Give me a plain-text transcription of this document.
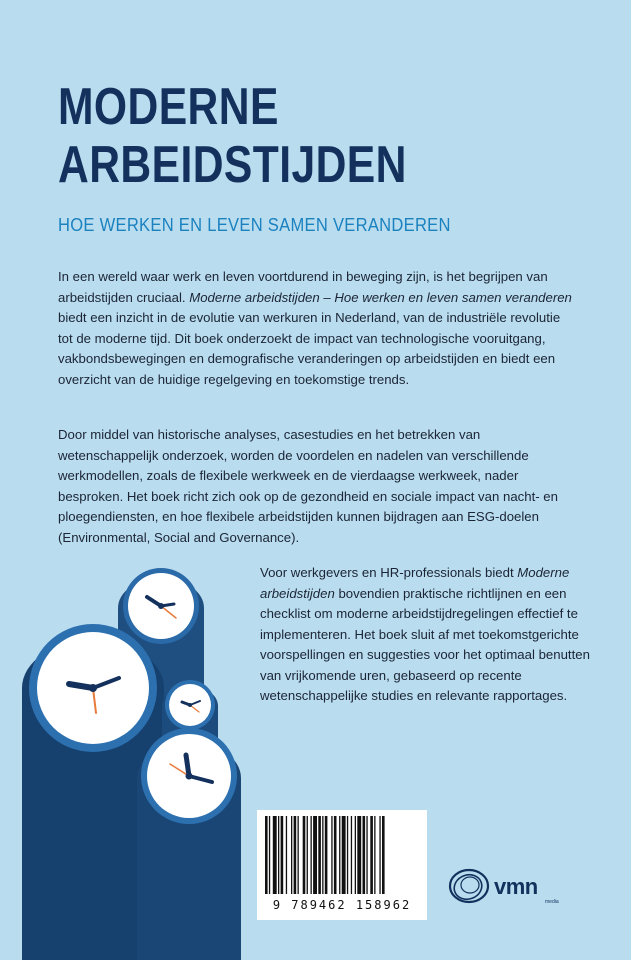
MODERNE
ARBEIDSTIJDEN
HOE WERKEN EN LEVEN SAMEN VERANDEREN
In een wereld waar werk en leven voortdurend in beweging zijn, is het begrijpen van arbeidstijden cruciaal. Moderne arbeidstijden – Hoe werken en leven samen veranderen biedt een inzicht in de evolutie van werkuren in Nederland, van de industriële revolutie tot de moderne tijd. Dit boek onderzoekt de impact van technologische vooruitgang, vakbondsbewegingen en demografische veranderingen op arbeidstijden en biedt een overzicht van de huidige regelgeving en toekomstige trends.
Door middel van historische analyses, casestudies en het betrekken van wetenschappelijk onderzoek, worden de voordelen en nadelen van verschillende werkmodellen, zoals de flexibele werkweek en de vierdaagse werkweek, nader besproken. Het boek richt zich ook op de gezondheid en sociale impact van nacht- en ploegendiensten, en hoe flexibele arbeidstijden kunnen bijdragen aan ESG-doelen (Environmental, Social and Governance).
Voor werkgevers en HR-professionals biedt Moderne arbeidstijden bovendien praktische richtlijnen en een checklist om moderne arbeidstijdregelingen effectief te implementeren. Het boek sluit af met toekomstgerichte voorspellingen en suggesties voor het optimaal benutten van vrijkomende uren, gebaseerd op recente wetenschappelijke studies en relevante rapportages.
9 789462 158962
vmn
media
